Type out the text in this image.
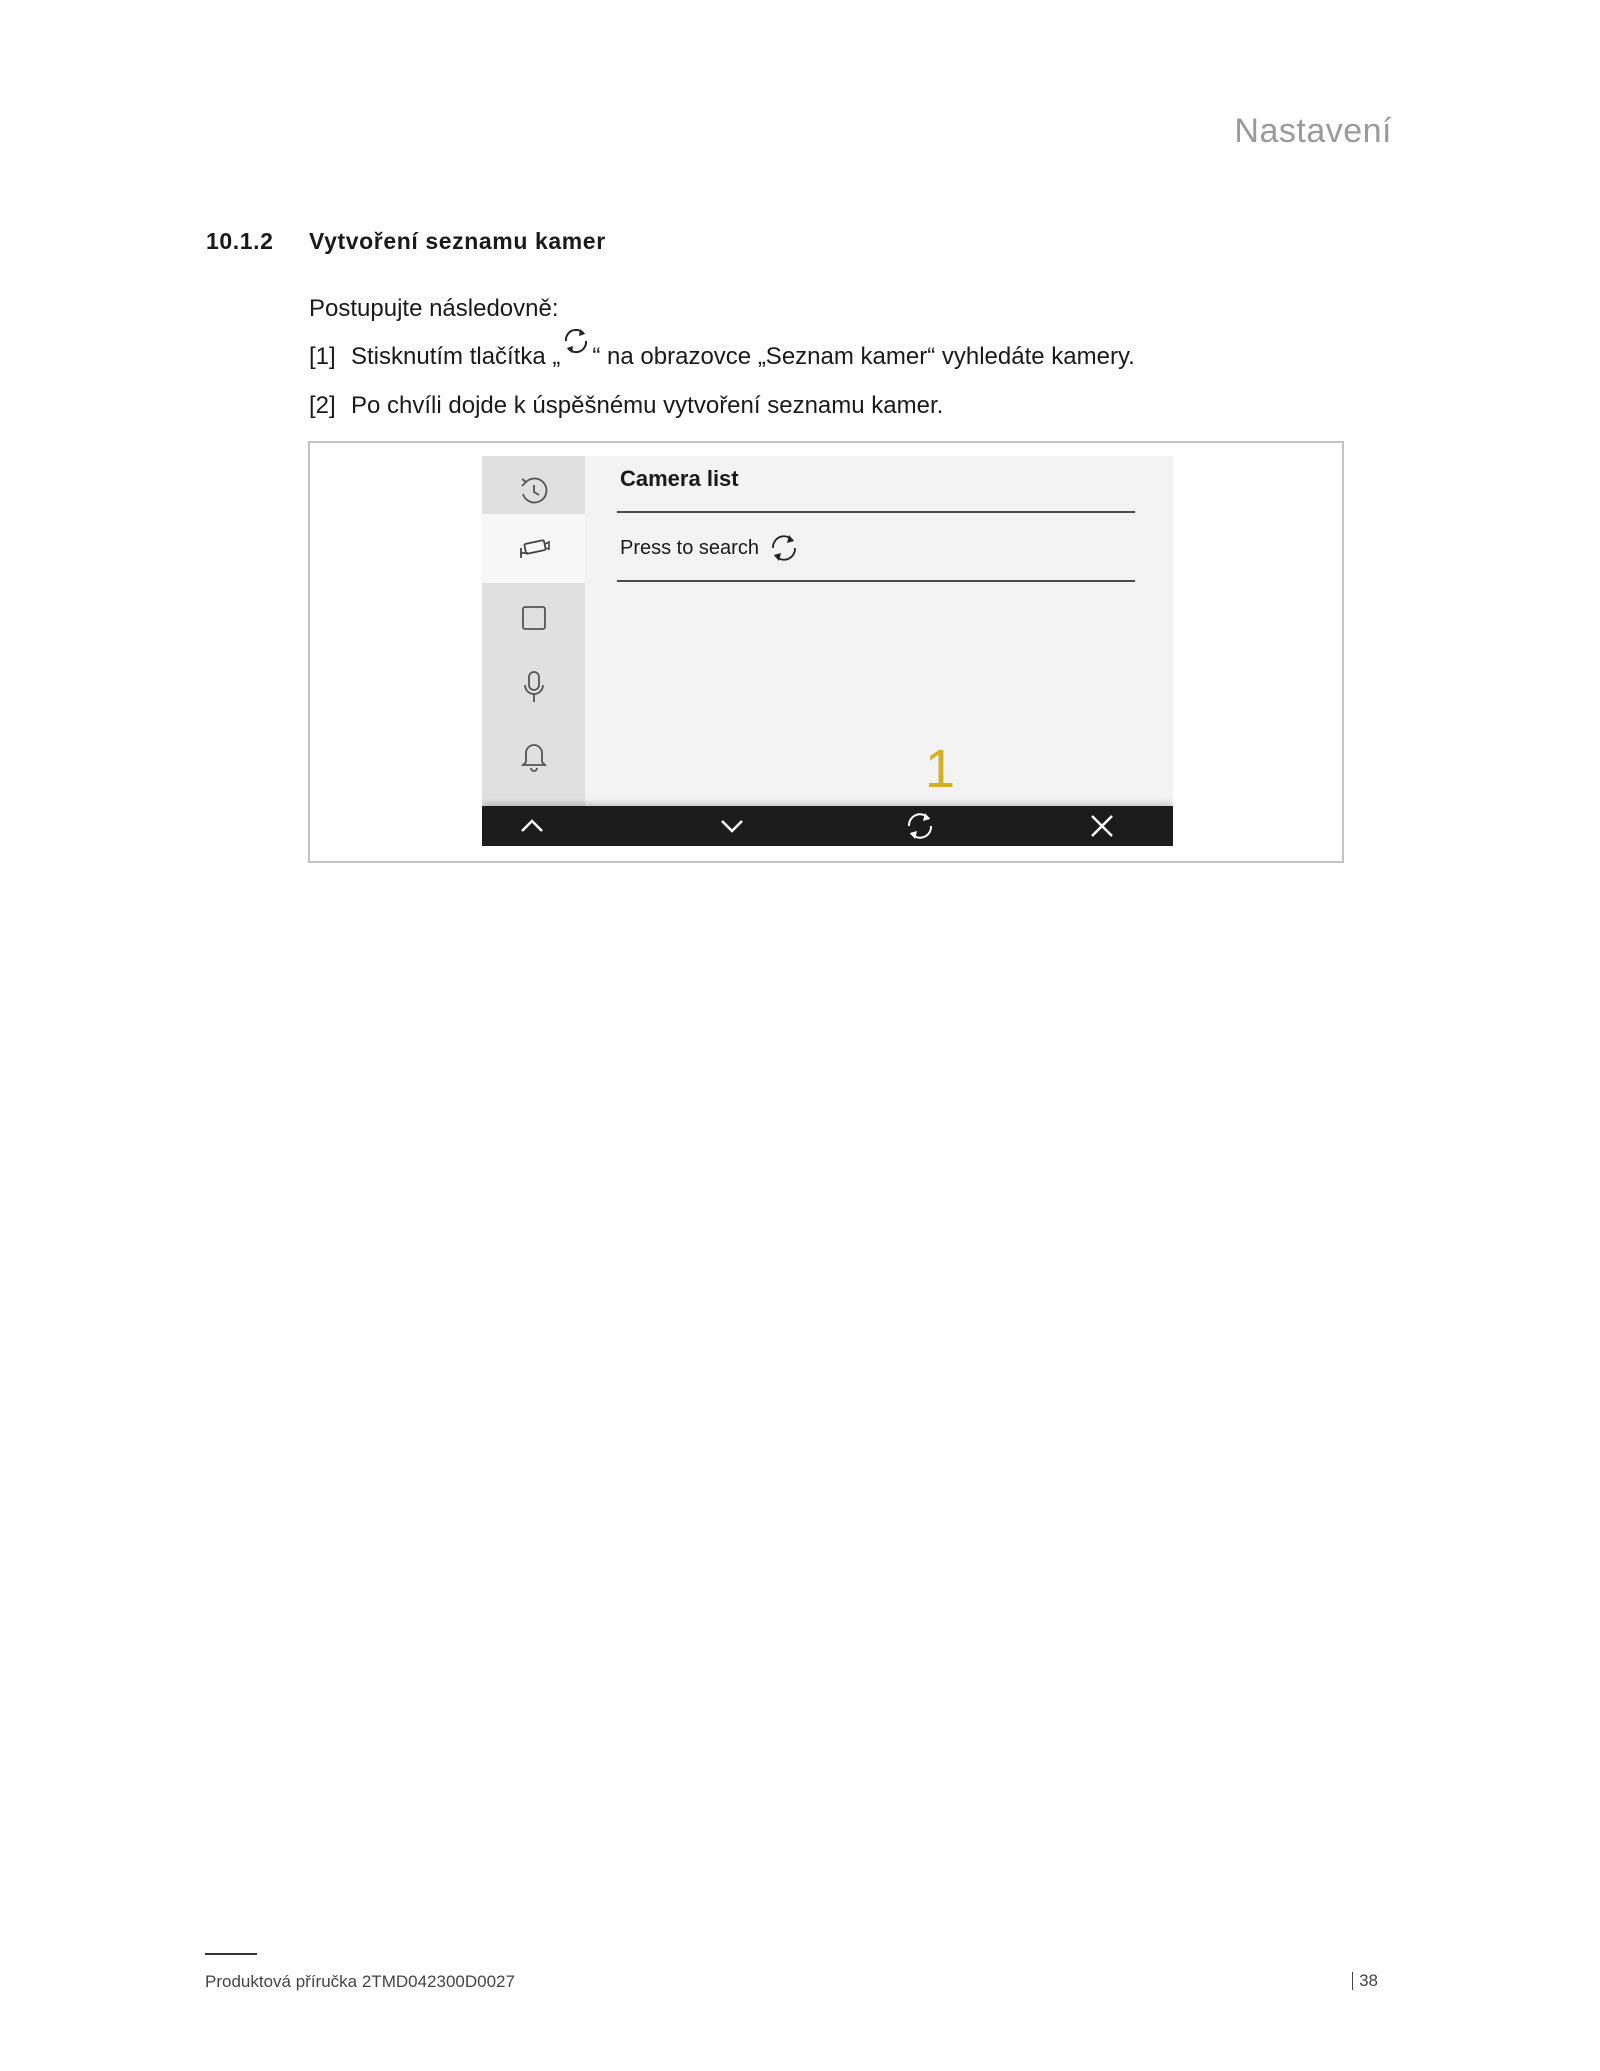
Nastavení
10.1.2	Vytvoření seznamu kamer
Postupujte následovně:
[1] Stisknutím tlačítka „ “ na obrazovce „Seznam kamer“ vyhledáte kamery.
[2] Po chvíli dojde k úspěšnému vytvoření seznamu kamer.
Camera list
Press to search
1
Produktová příručka 2TMD042300D0027	38
